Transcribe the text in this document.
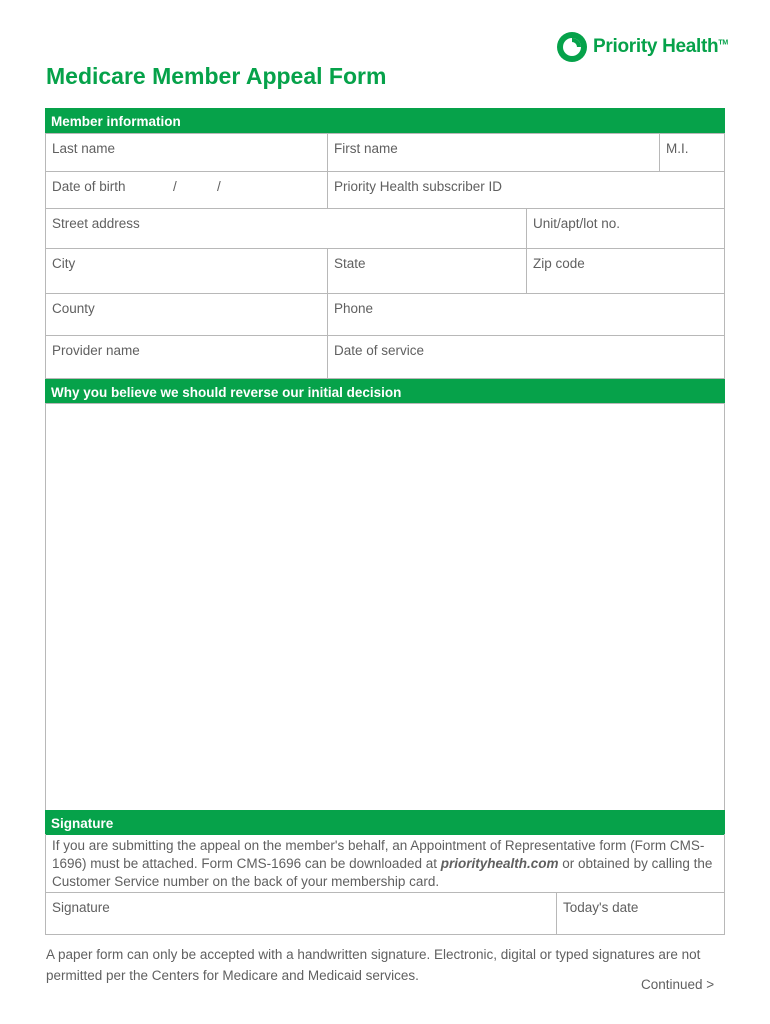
Priority Health™
Medicare Member Appeal Form
Member information
Last name	First name	M.I.
Date of birth	/	/	Priority Health subscriber ID
Street address	Unit/apt/lot no.
City	State	Zip code
County	Phone
Provider name	Date of service
Why you believe we should reverse our initial decision
Signature
If you are submitting the appeal on the member's behalf, an Appointment of Representative form (Form CMS-1696) must be attached. Form CMS-1696 can be downloaded at priorityhealth.com or obtained by calling the Customer Service number on the back of your membership card.
Signature	Today's date
A paper form can only be accepted with a handwritten signature. Electronic, digital or typed signatures are not permitted per the Centers for Medicare and Medicaid services.
Continued >
